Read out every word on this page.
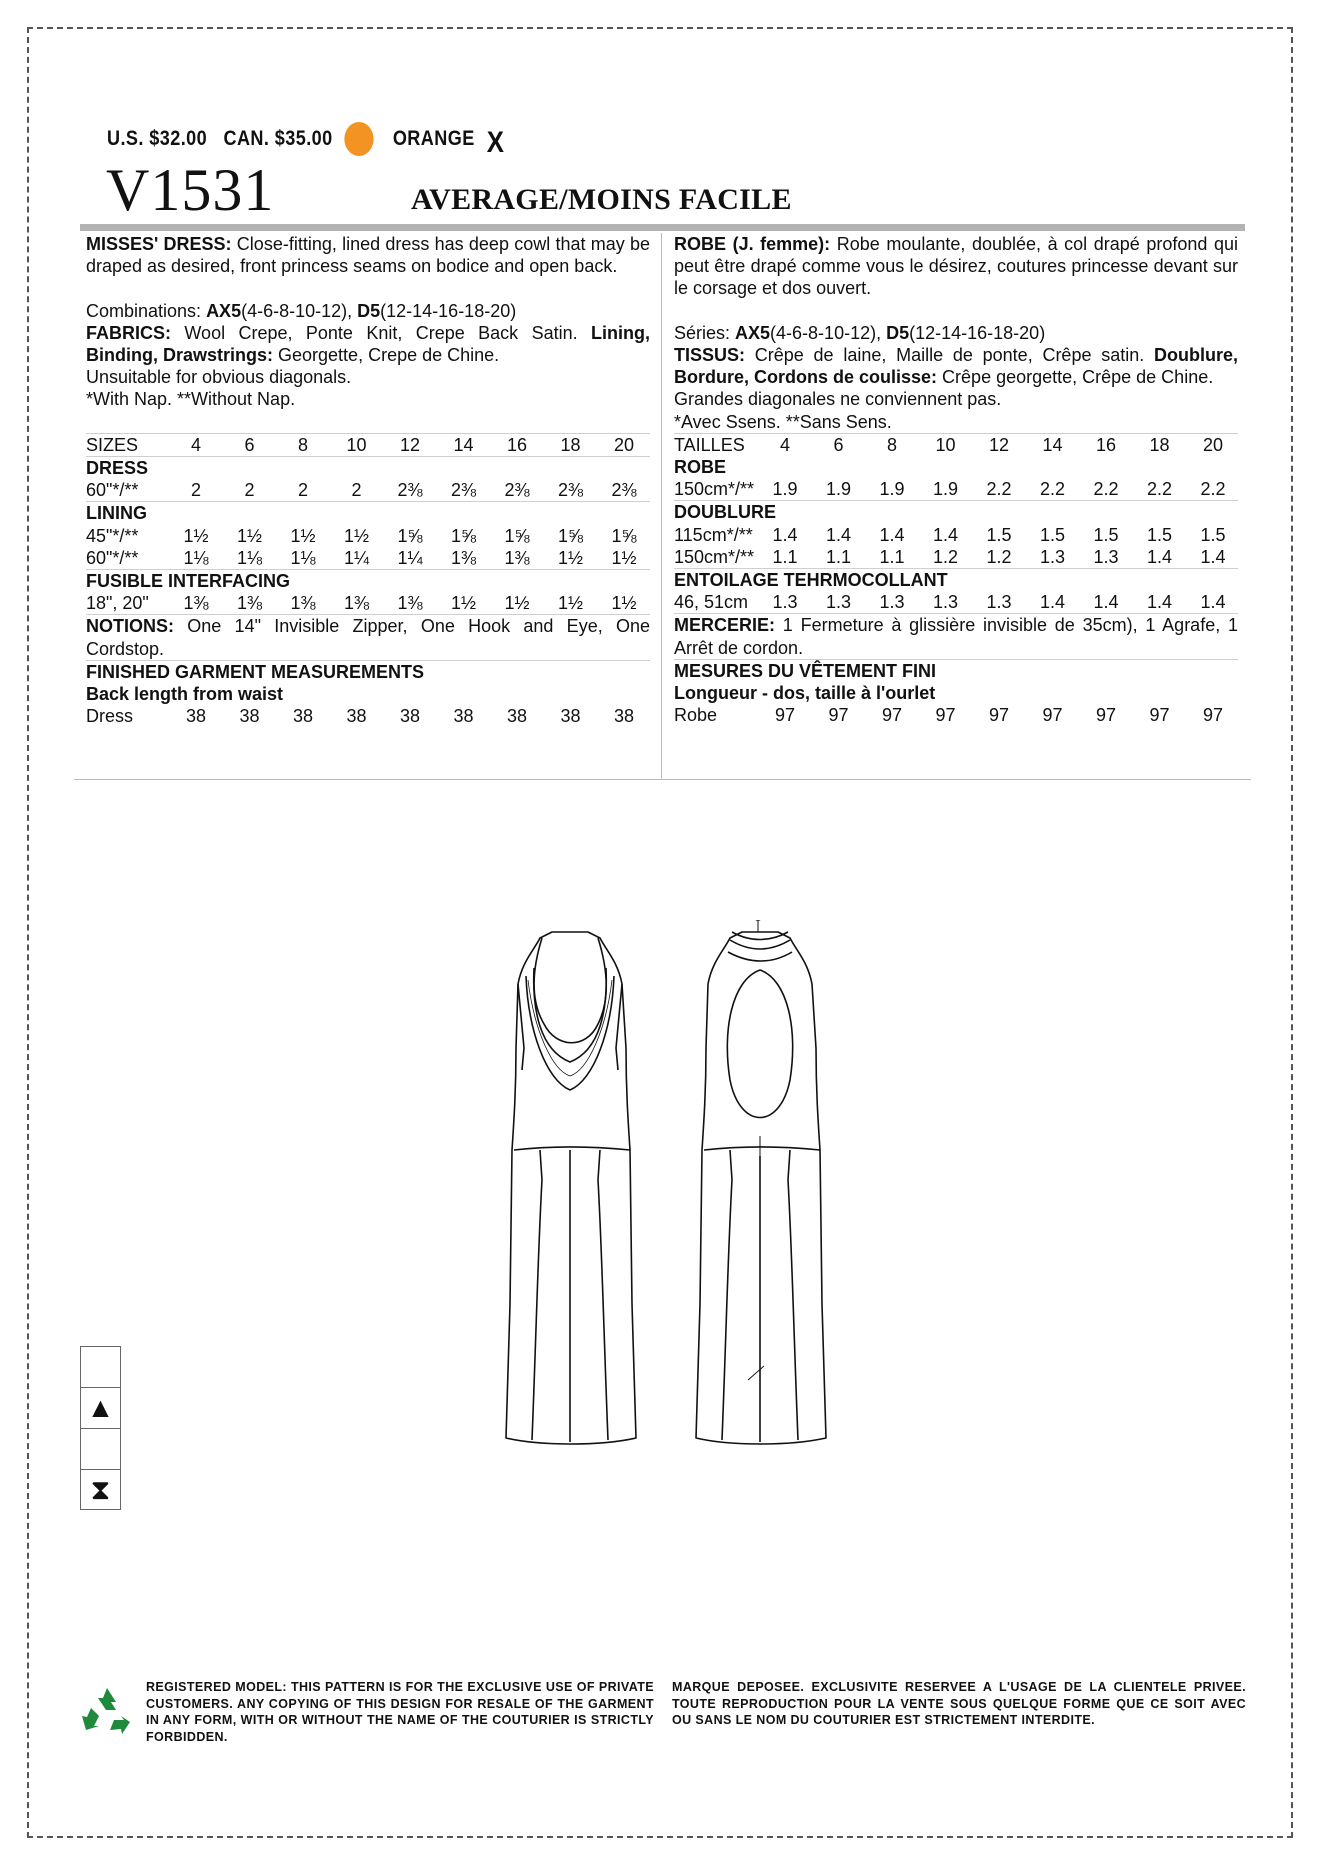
U.S.
$32.00
CAN.
$35.00	ORANGE X
V1531	AVERAGE/MOINS FACILE

MISSES' DRESS: Close-fitting, lined dress has deep cowl that may be draped as desired, front princess seams on bodice and open back.

Combinations: AX5(4-6-8-10-12), D5(12-14-16-18-20)

FABRICS: Wool Crepe, Ponte Knit, Crepe Back Satin. Lining, Binding, Drawstrings: Georgette, Crepe de Chine.

Unsuitable for obvious diagonals.

*With Nap. **Without Nap.

SIZES	4	6	8	10	12	14	16	18	20
DRESS
60"*/**	2	2	2	2	2⅜	2⅜	2⅜	2⅜	2⅜
LINING
45"*/**	1½	1½	1½	1½	1⅝	1⅝	1⅝	1⅝	1⅝
60"*/**	1⅛	1⅛	1⅛	1¼	1¼	1⅜	1⅜	1½	1½
FUSIBLE INTERFACING
18", 20"	1⅜	1⅜	1⅜	1⅜	1⅜	1½	1½	1½	1½

NOTIONS: One 14" Invisible Zipper, One Hook and Eye, One Cordstop.

FINISHED GARMENT MEASUREMENTS
Back length from waist
Dress	38	38	38	38	38	38	38	38	38

ROBE (J. femme): Robe moulante, doublée, à col drapé profond qui peut être drapé comme vous le désirez, coutures princesse devant sur le corsage et dos ouvert.

Séries: AX5(4-6-8-10-12), D5(12-14-16-18-20)

TISSUS: Crêpe de laine, Maille de ponte, Crêpe satin. Doublure, Bordure, Cordons de coulisse: Crêpe georgette, Crêpe de Chine.

Grandes diagonales ne conviennent pas.

*Avec Ssens. **Sans Sens.

TAILLES	4	6	8	10	12	14	16	18	20
ROBE
150cm*/**	1.9	1.9	1.9	1.9	2.2	2.2	2.2	2.2	2.2
DOUBLURE
115cm*/**	1.4	1.4	1.4	1.4	1.5	1.5	1.5	1.5	1.5
150cm*/**	1.1	1.1	1.1	1.2	1.2	1.3	1.3	1.4	1.4
ENTOILAGE TEHRMOCOLLANT
46, 51cm	1.3	1.3	1.3	1.3	1.3	1.4	1.4	1.4	1.4

MERCERIE: 1 Fermeture à glissière invisible de 35cm), 1 Agrafe, 1 Arrêt de cordon.

MESURES DU VÊTEMENT FINI
Longueur - dos, taille à l'ourlet
Robe	97	97	97	97	97	97	97	97	97
▲
⧗
REGISTERED MODEL: THIS PATTERN IS FOR THE EXCLUSIVE USE OF PRIVATE CUSTOMERS. ANY COPYING OF THIS DESIGN FOR RESALE OF THE GARMENT IN ANY FORM, WITH OR WITHOUT THE NAME OF THE COUTURIER IS STRICTLY FORBIDDEN.
MARQUE DEPOSEE. EXCLUSIVITE RESERVEE A L'USAGE DE LA CLIENTELE PRIVEE. TOUTE REPRODUCTION POUR LA VENTE SOUS QUELQUE FORME QUE CE SOIT AVEC OU SANS LE NOM DU COUTURIER EST STRICTEMENT INTERDITE.
